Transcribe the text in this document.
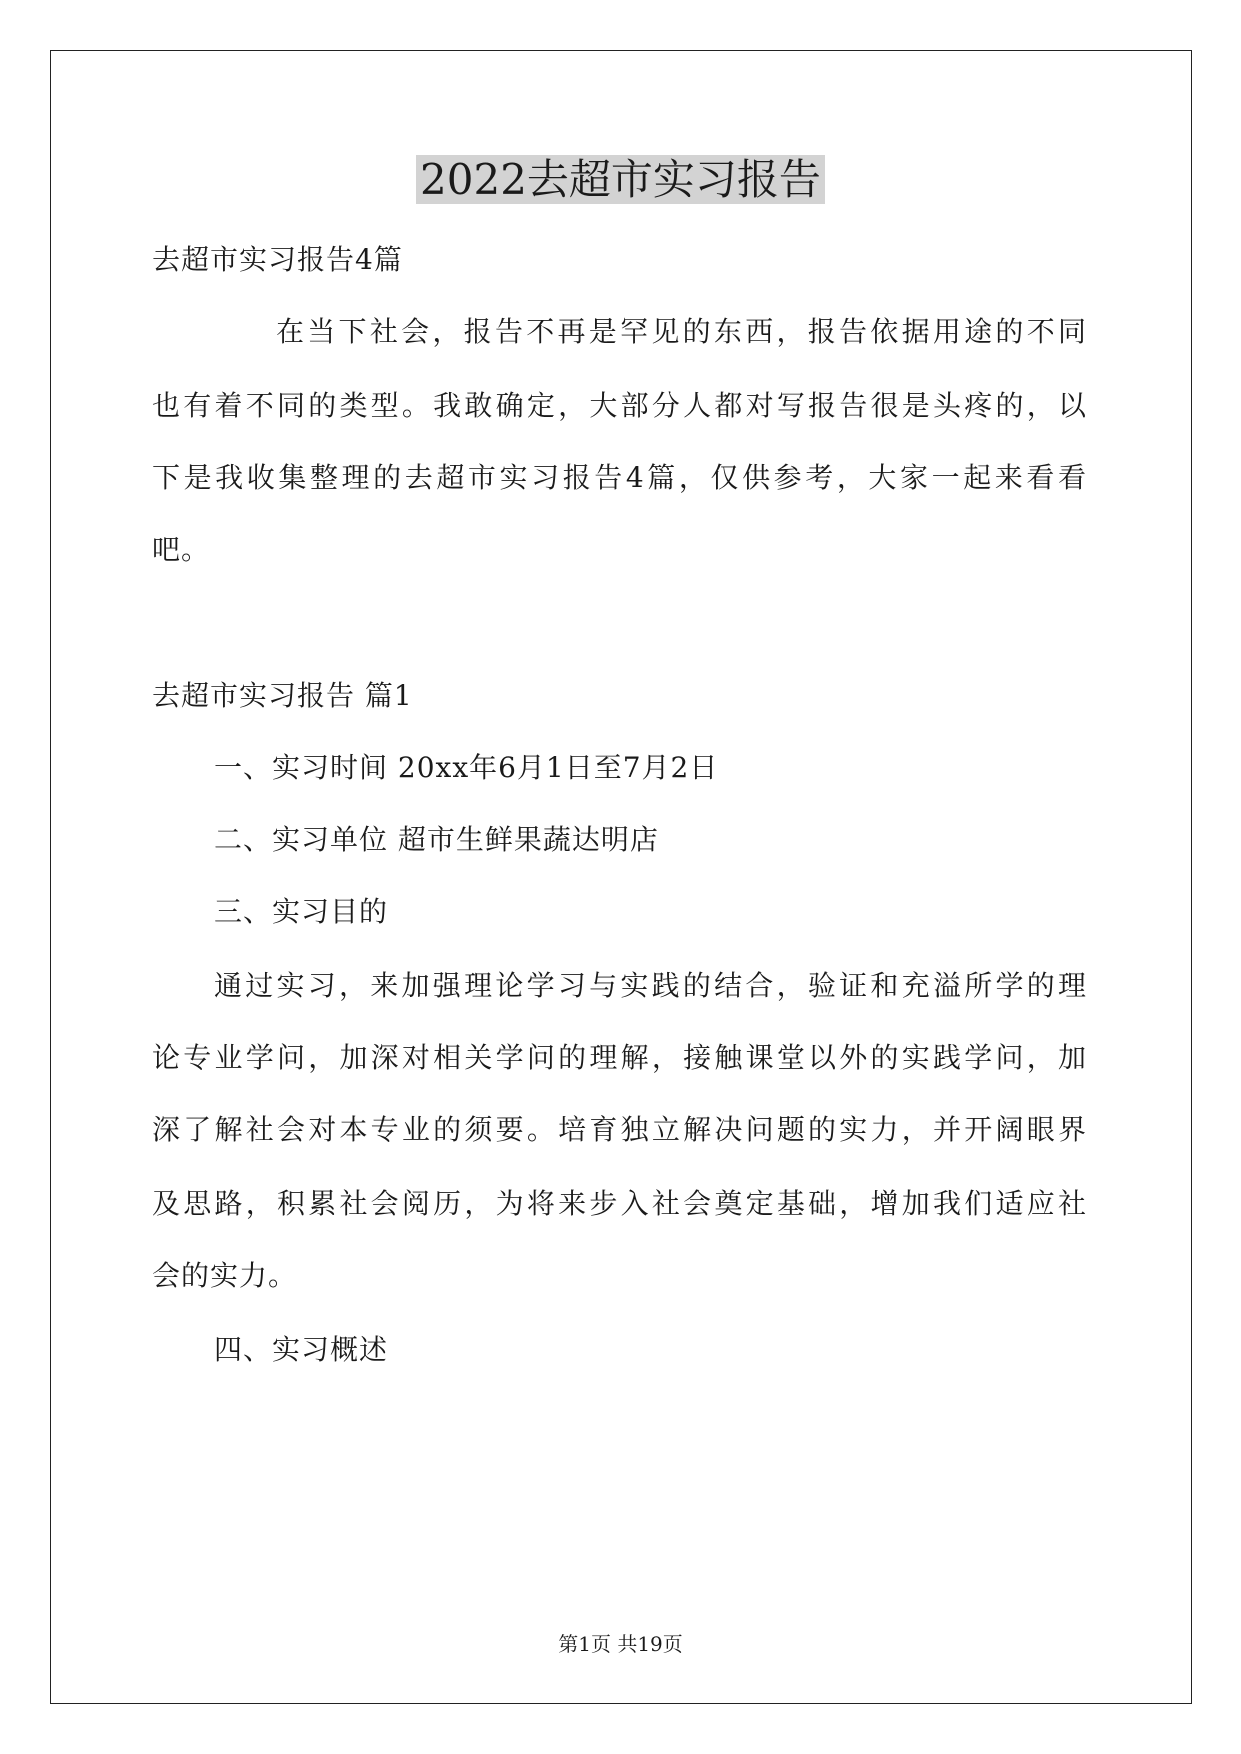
2022去超市实习报告
去超市实习报告4篇
在当下社会，报告不再是罕见的东西，报告依据用途的不同
也有着不同的类型。我敢确定，大部分人都对写报告很是头疼的，以
下是我收集整理的去超市实习报告4篇，仅供参考，大家一起来看看
吧。
去超市实习报告 篇1
一、实习时间 20xx年6月1日至7月2日
二、实习单位 超市生鲜果蔬达明店
三、实习目的
通过实习，来加强理论学习与实践的结合，验证和充溢所学的理
论专业学问，加深对相关学问的理解，接触课堂以外的实践学问，加
深了解社会对本专业的须要。培育独立解决问题的实力，并开阔眼界
及思路，积累社会阅历，为将来步入社会奠定基础，增加我们适应社
会的实力。
四、实习概述
第1页 共19页
